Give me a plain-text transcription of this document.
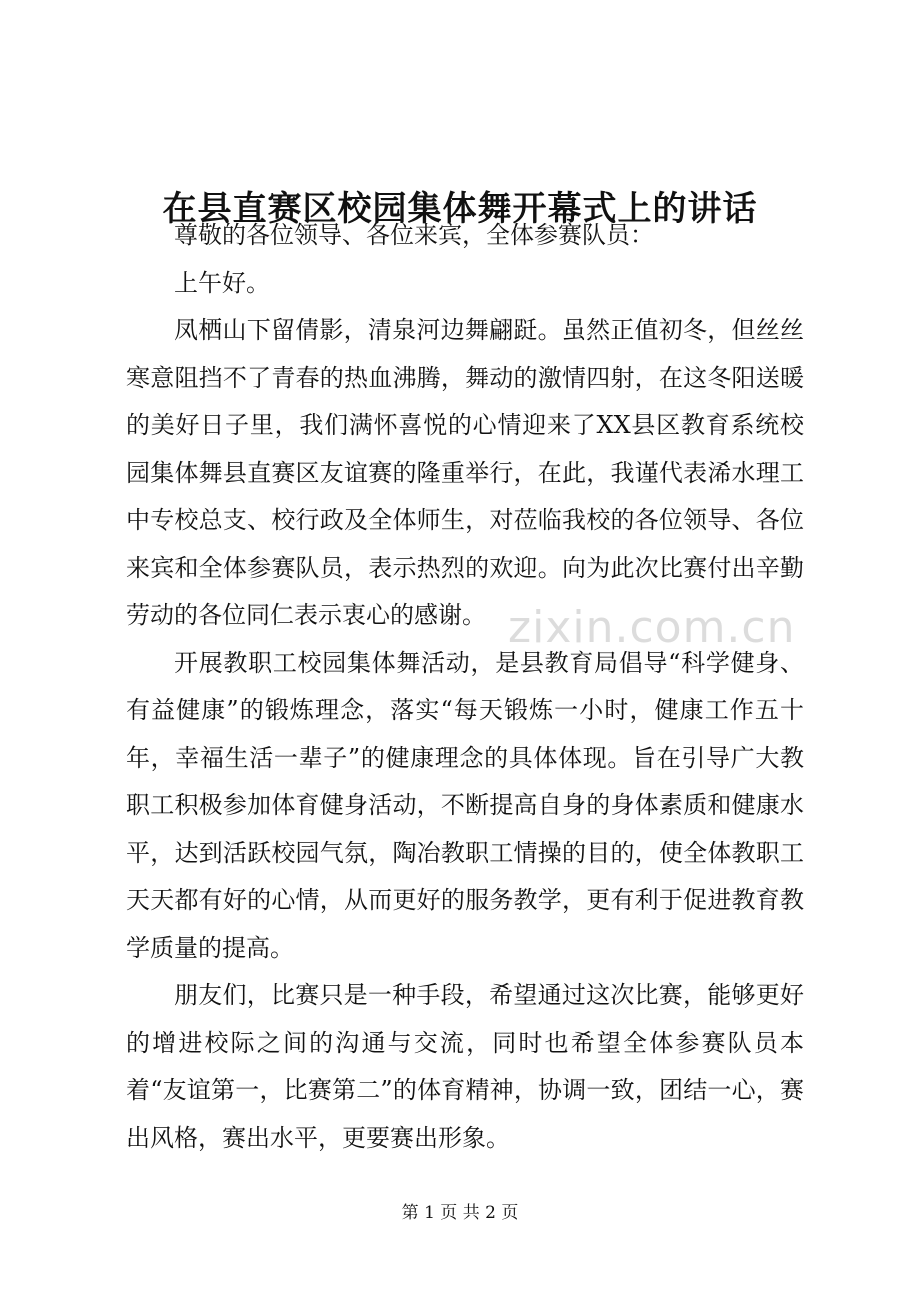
在县直赛区校园集体舞开幕式上的讲话

尊敬的各位领导、各位来宾，全体参赛队员：

上午好。

凤栖山下留倩影，清泉河边舞翩跹。虽然正值初冬，但丝丝寒意阻挡不了青春的热血沸腾，舞动的激情四射，在这冬阳送暖的美好日子里，我们满怀喜悦的心情迎来了XX县区教育系统校园集体舞县直赛区友谊赛的隆重举行，在此，我谨代表浠水理工中专校总支、校行政及全体师生，对莅临我校的各位领导、各位来宾和全体参赛队员，表示热烈的欢迎。向为此次比赛付出辛勤劳动的各位同仁表示衷心的感谢。

开展教职工校园集体舞活动，是县教育局倡导“科学健身、有益健康”的锻炼理念，落实“每天锻炼一小时，健康工作五十年，幸福生活一辈子”的健康理念的具体体现。旨在引导广大教职工积极参加体育健身活动，不断提高自身的身体素质和健康水平，达到活跃校园气氛，陶冶教职工情操的目的，使全体教职工天天都有好的心情，从而更好的服务教学，更有利于促进教育教学质量的提高。

朋友们，比赛只是一种手段，希望通过这次比赛，能够更好的增进校际之间的沟通与交流，同时也希望全体参赛队员本着“友谊第一，比赛第二”的体育精神，协调一致，团结一心，赛出风格，赛出水平，更要赛出形象。

zixin.com.cn
第 1 页 共 2 页
